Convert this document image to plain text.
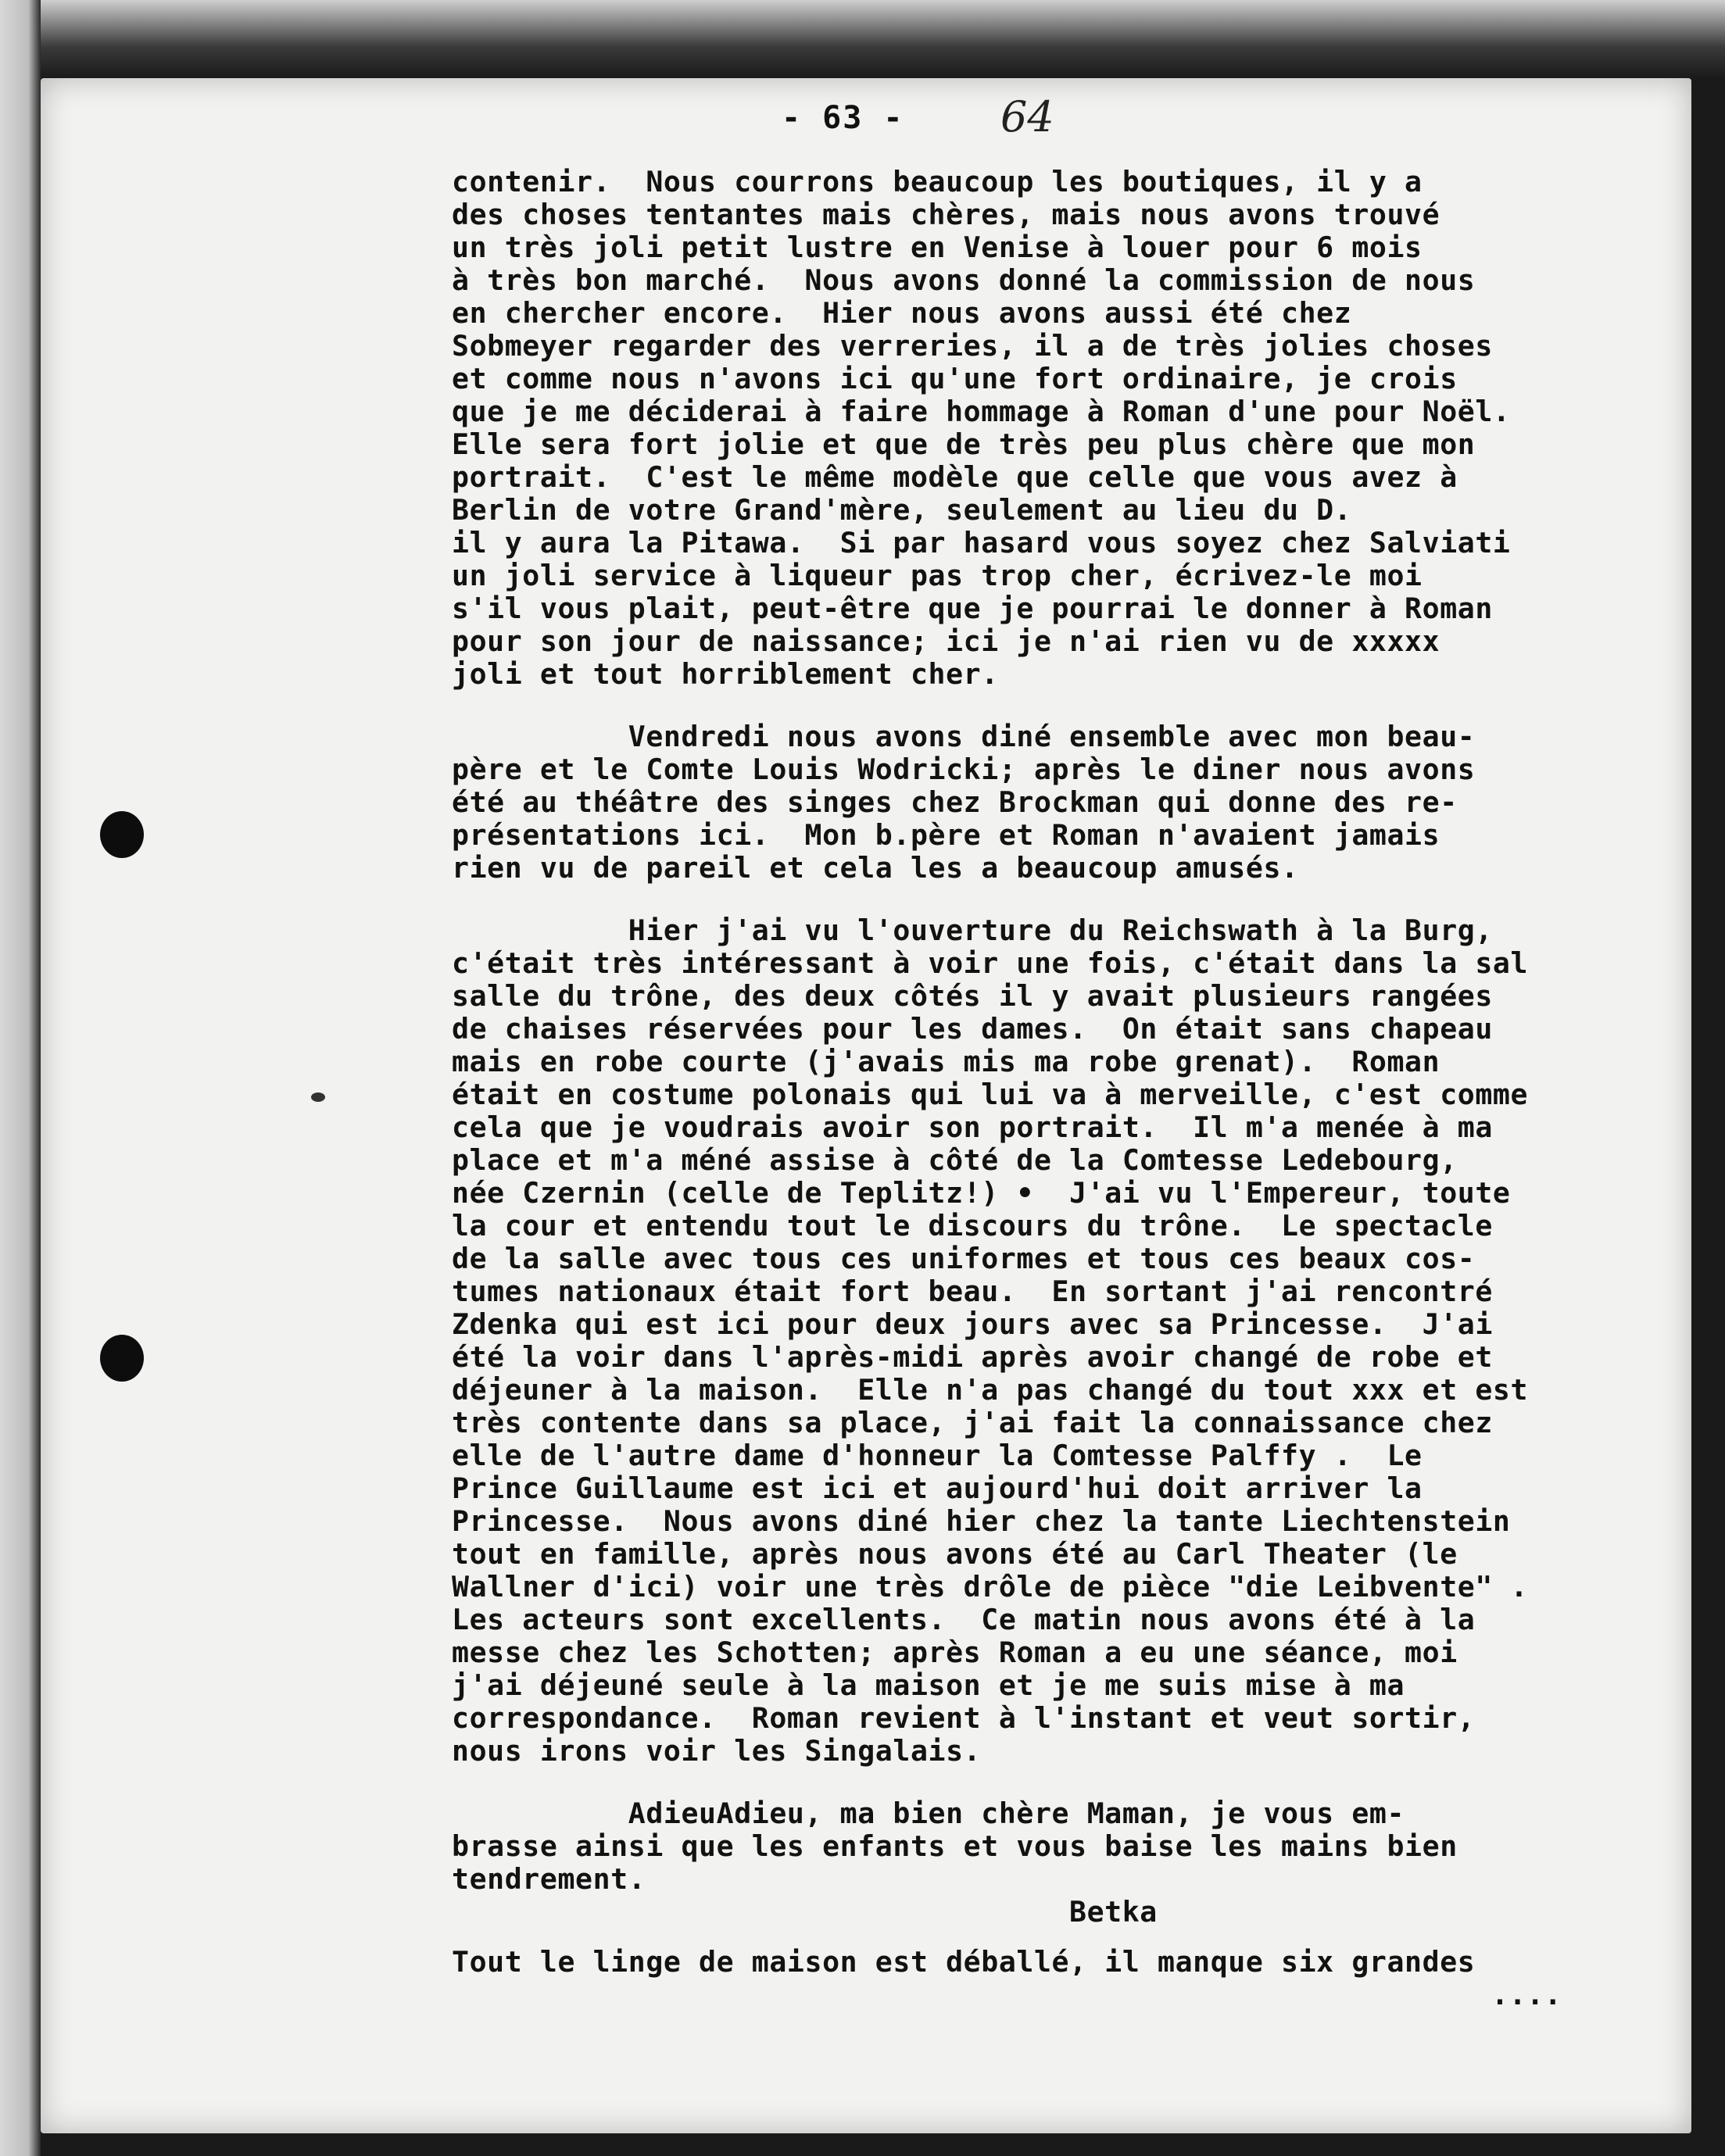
- 63 - 64
contenir.  Nous courrons beaucoup les boutiques, il y a
des choses tentantes mais chères, mais nous avons trouvé
un très joli petit lustre en Venise à louer pour 6 mois
à très bon marché.  Nous avons donné la commission de nous
en chercher encore.  Hier nous avons aussi été chez
Sobmeyer regarder des verreries, il a de très jolies choses
et comme nous n'avons ici qu'une fort ordinaire, je crois
que je me déciderai à faire hommage à Roman d'une pour Noël.
Elle sera fort jolie et que de très peu plus chère que mon
portrait.  C'est le même modèle que celle que vous avez à
Berlin de votre Grand'mère, seulement au lieu du D.
il y aura la Pitawa.  Si par hasard vous soyez chez Salviati
un joli service à liqueur pas trop cher, écrivez-le moi
s'il vous plait, peut-être que je pourrai le donner à Roman
pour son jour de naissance; ici je n'ai rien vu de xxxxx
joli et tout horriblement cher.
Vendredi nous avons diné ensemble avec mon beau-
père et le Comte Louis Wodricki; après le diner nous avons
été au théâtre des singes chez Brockman qui donne des re-
présentations ici.  Mon b.père et Roman n'avaient jamais
rien vu de pareil et cela les a beaucoup amusés.
Hier j'ai vu l'ouverture du Reichswath à la Burg,
c'était très intéressant à voir une fois, c'était dans la sal
salle du trône, des deux côtés il y avait plusieurs rangées
de chaises réservées pour les dames.  On était sans chapeau
mais en robe courte (j'avais mis ma robe grenat).  Roman
était en costume polonais qui lui va à merveille, c'est comme
cela que je voudrais avoir son portrait.  Il m'a menée à ma
place et m'a méné assise à côté de la Comtesse Ledebourg,
née Czernin (celle de Teplitz!) •  J'ai vu l'Empereur, toute
la cour et entendu tout le discours du trône.  Le spectacle
de la salle avec tous ces uniformes et tous ces beaux cos-
tumes nationaux était fort beau.  En sortant j'ai rencontré
Zdenka qui est ici pour deux jours avec sa Princesse.  J'ai
été la voir dans l'après-midi après avoir changé de robe et
déjeuner à la maison.  Elle n'a pas changé du tout xxx et est
très contente dans sa place, j'ai fait la connaissance chez
elle de l'autre dame d'honneur la Comtesse Palffy .  Le
Prince Guillaume est ici et aujourd'hui doit arriver la
Princesse.  Nous avons diné hier chez la tante Liechtenstein
tout en famille, après nous avons été au Carl Theater (le
Wallner d'ici) voir une très drôle de pièce "die Leibvente" .
Les acteurs sont excellents.  Ce matin nous avons été à la
messe chez les Schotten; après Roman a eu une séance, moi
j'ai déjeuné seule à la maison et je me suis mise à ma
correspondance.  Roman revient à l'instant et veut sortir,
nous irons voir les Singalais.
AdieuAdieu, ma bien chère Maman, je vous em-
brasse ainsi que les enfants et vous baise les mains bien
tendrement.
Betka
Tout le linge de maison est déballé, il manque six grandes
....
